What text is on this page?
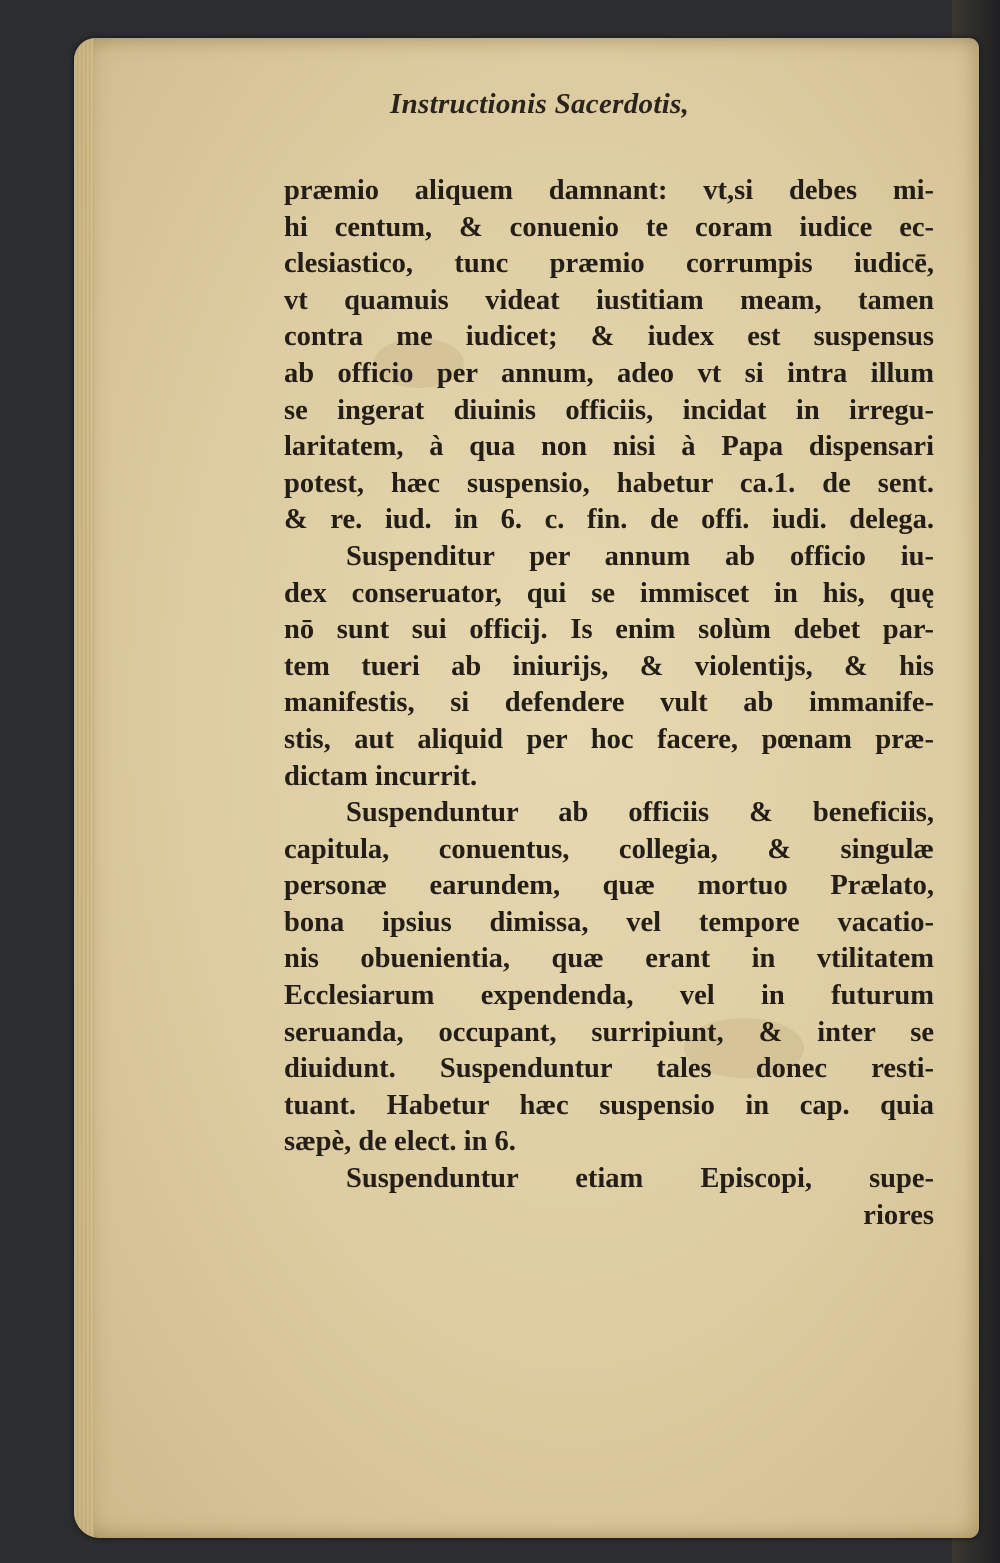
Instructionis Sacerdotis,
præmio aliquem damnant: vt,si debes mi-
hi centum, & conuenio te coram iudice ec-
clesiastico, tunc præmio corrumpis iudicē,
vt quamuis videat iustitiam meam, tamen
contra me iudicet; & iudex est suspensus
ab officio per annum, adeo vt si intra illum
se ingerat diuinis officiis, incidat in irregu-
laritatem, à qua non nisi à Papa dispensari
potest, hæc suspensio, habetur ca.1. de sent.
& re. iud. in 6. c. fin. de offi. iudi. delega.
Suspenditur per annum ab officio iu-
dex conseruator, qui se immiscet in his, quę
nō sunt sui officij. Is enim solùm debet par-
tem tueri ab iniurijs, & violentijs, & his
manifestis, si defendere vult ab immanife-
stis, aut aliquid per hoc facere, pœnam præ-
dictam incurrit.
Suspenduntur ab officiis & beneficiis,
capitula, conuentus, collegia, & singulæ
personæ earundem, quæ mortuo Prælato,
bona ipsius dimissa, vel tempore vacatio-
nis obuenientia, quæ erant in vtilitatem
Ecclesiarum expendenda, vel in futurum
seruanda, occupant, surripiunt, & inter se
diuidunt. Suspenduntur tales donec resti-
tuant. Habetur hæc suspensio in cap. quia
sæpè, de elect. in 6.
Suspenduntur etiam Episcopi, supe-
riores
